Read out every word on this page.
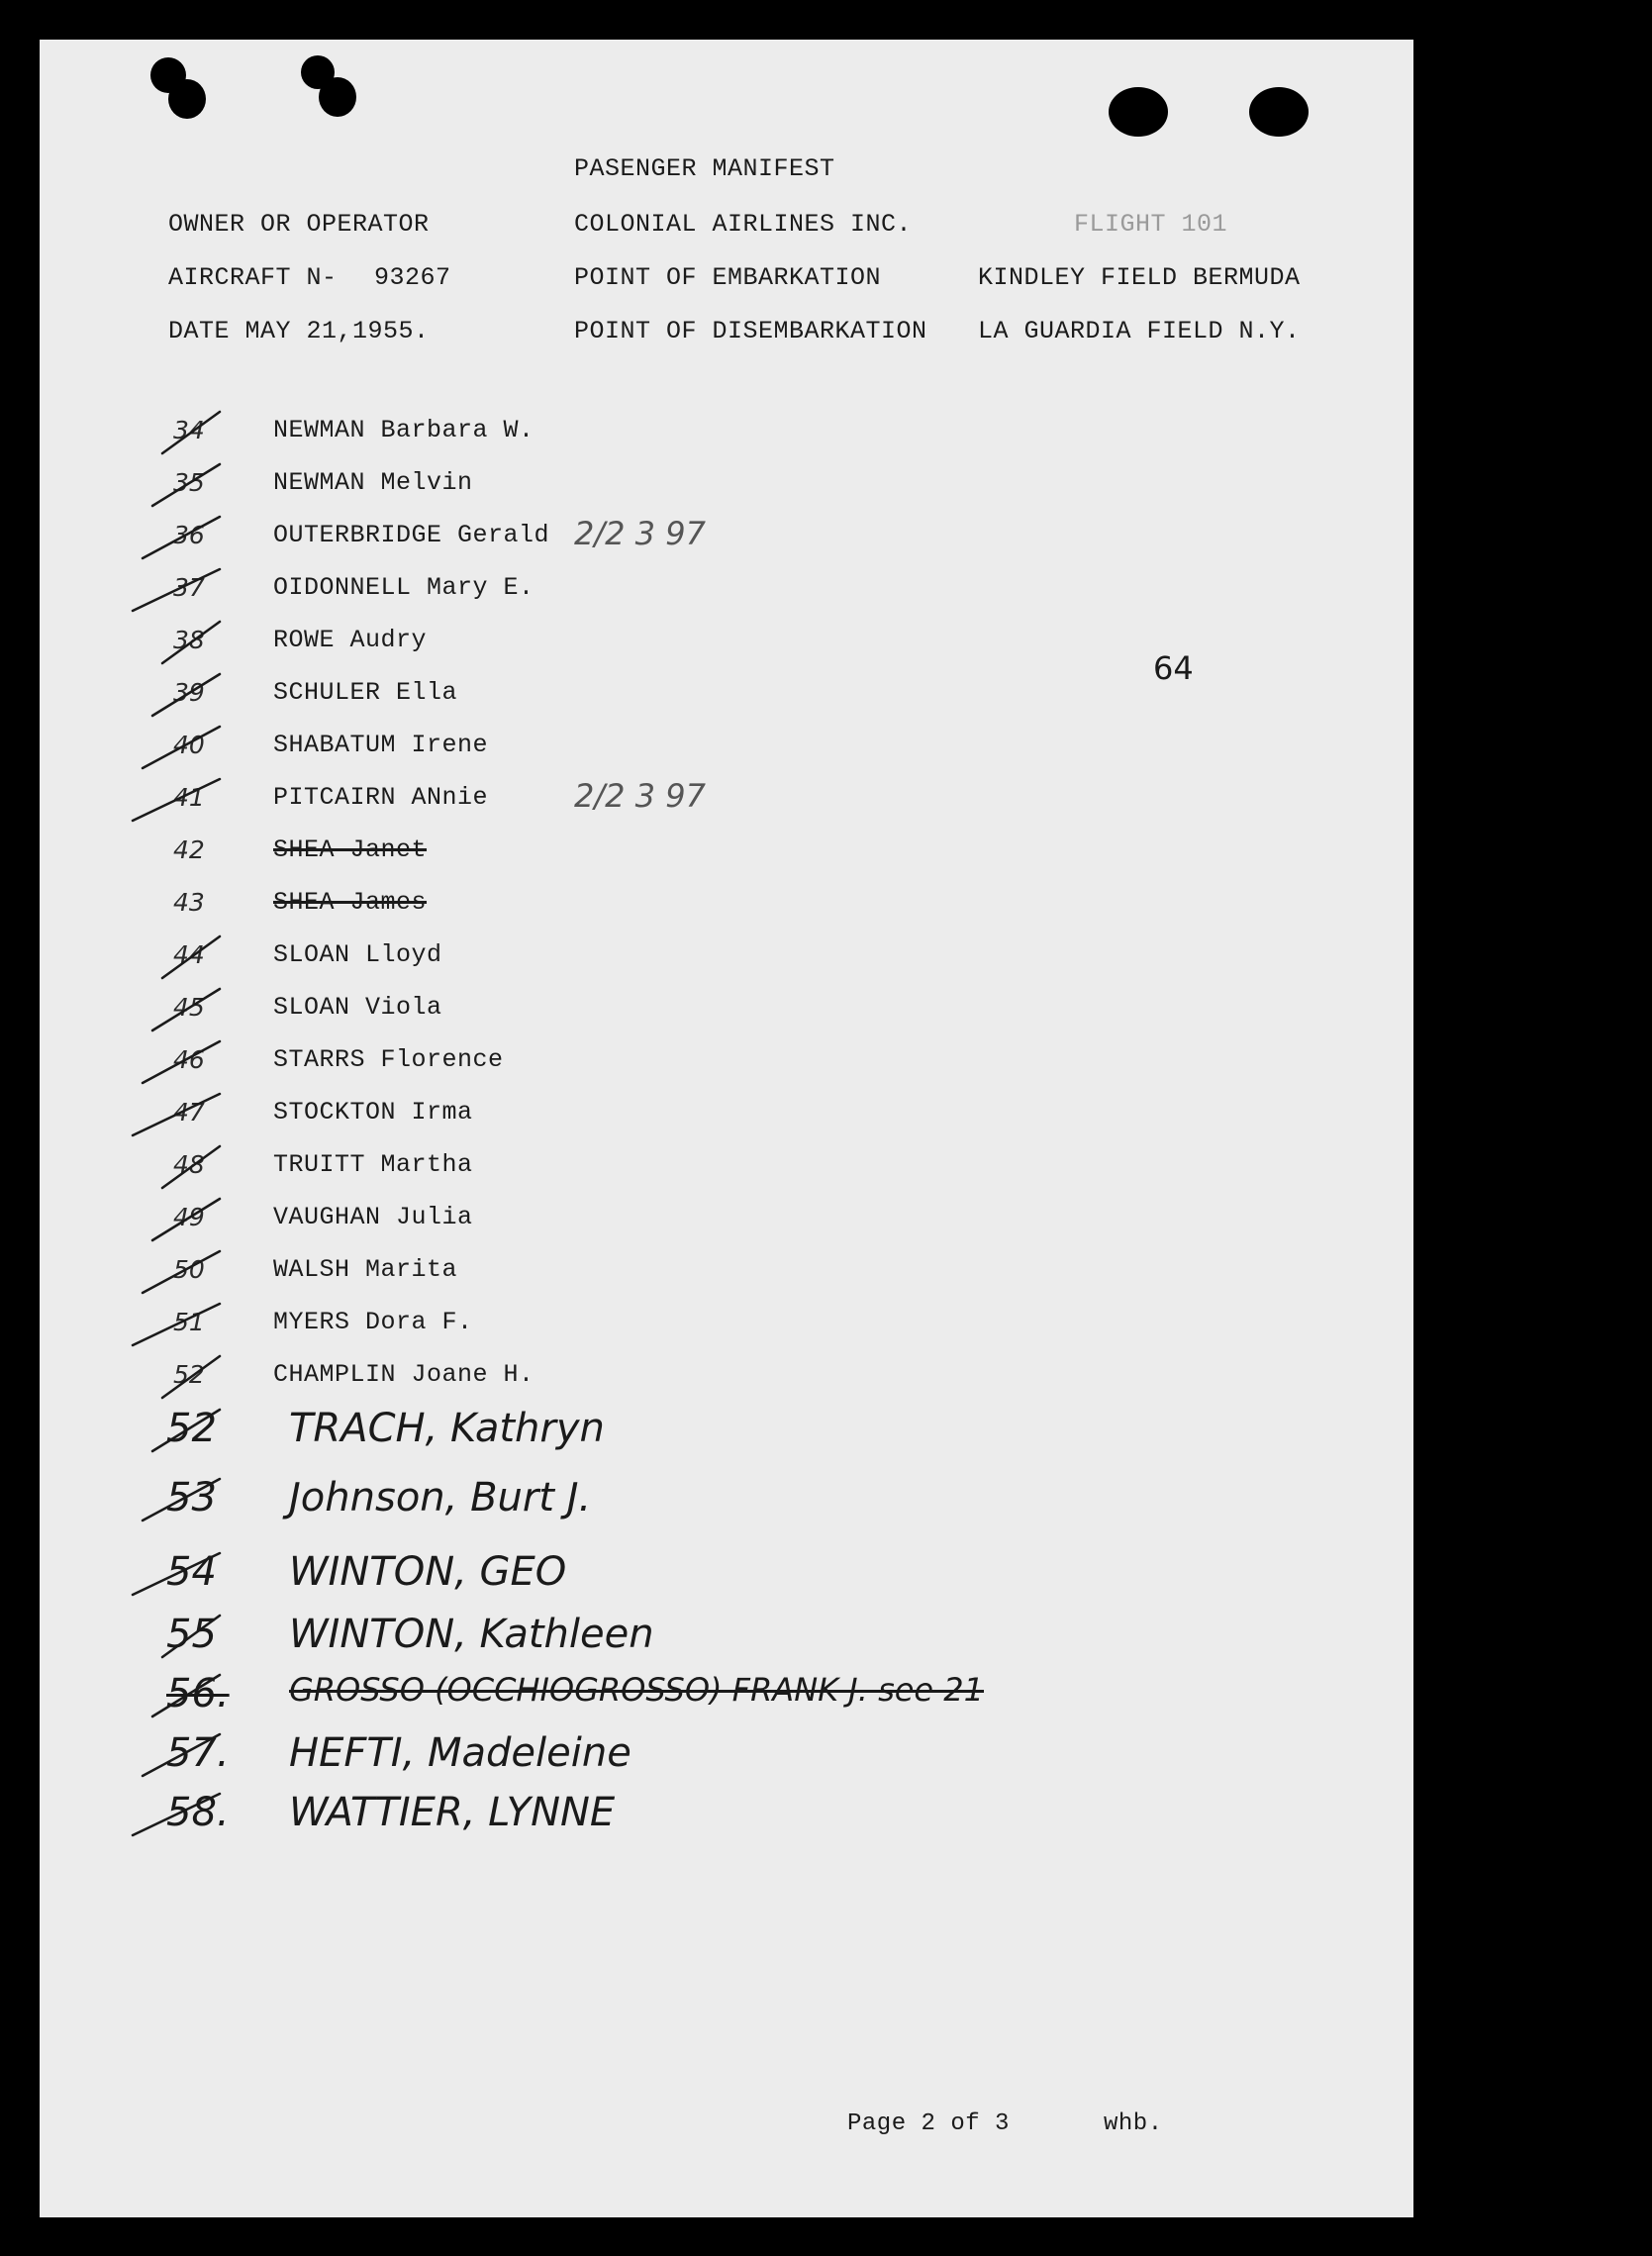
PASENGER MANIFEST
OWNER OR OPERATOR	COLONIAL AIRLINES INC.	FLIGHT 101
AIRCRAFT N- 93267	POINT OF EMBARKATION	KINDLEY FIELD BERMUDA
DATE MAY 21,1955.	POINT OF DISEMBARKATION LA GUARDIA FIELD N.Y.
64
34	NEWMAN Barbara W.
35	NEWMAN Melvin
36	OUTERBRIDGE Gerald 2/2 3 97
37	OIDONNELL Mary E.
38	ROWE Audry
39	SCHULER Ella
40	SHABATUM Irene
41	PITCAIRN ANnie	2/2 3 97
42	SHEA Janet
43	SHEA James
44	SLOAN Lloyd
45	SLOAN Viola
46	STARRS Florence
47	STOCKTON Irma
48	TRUITT Martha
49	VAUGHAN Julia
50	WALSH Marita
51	MYERS Dora F.
52	CHAMPLIN Joane H.
52 TRACH, Kathryn
53 Johnson, Burt J.
54 WINTON, GEO
55 WINTON, Kathleen
56. GROSSO (OCCHIOGROSSO) FRANK J. see 21
57. HEFTI, Madeleine
58. WATTIER, LYNNE
Page 2 of 3	whb.
